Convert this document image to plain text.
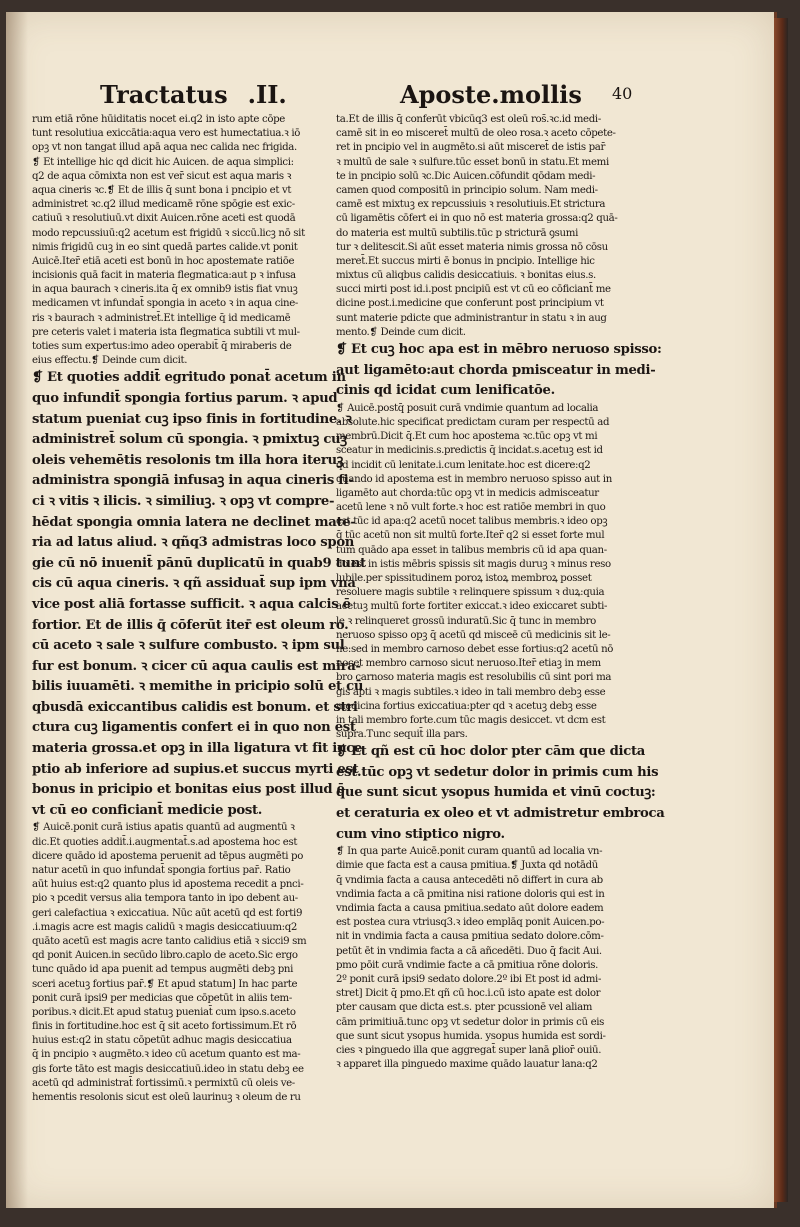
Tractatus .II.	Aposte.mollis 40
rum etiā rōne hūiditatis nocet ei.q2 in isto apte cōpe
tunt resolutiua exiccātia:aqua vero est humectatiua.ꝛ iō
opꝫ vt non tangat illud apā aqua nec calida nec frigida.
❡ Et intellige hic qd dicit hic Auicen. de aqua simplici:
q2 de aqua cōmixta non est ver̄ sicut est aqua maris ꝛ
aqua cineris ꝛc.❡ Et de illis q̄ sunt bona i pncipio et vt
administret ꝛc.q2 illud medicamē rōne spōgie est exic-
catiuū ꝛ resolutiuū.vt dixit Auicen.rōne aceti est quodā
modo repcussiuū:q2 acetum est frigidū ꝛ siccū.licꝫ nō sit
nimis frigidū cuꝫ in eo sint quedā partes calide.vt ponit
Auicē.Iter̄ etiā aceti est bonū in hoc apostemate ratiōe
incisionis quā facit in materia flegmatica:aut p ꝛ infusa
in aqua baurach ꝛ cineris.ita q̄ ex omnib9 istis fiat vnuꝫ
medicamen vt infundat̄ spongia in aceto ꝛ in aqua cine-
ris ꝛ baurach ꝛ administret̄.Et intellige q̄ id medicamē
pre ceteris valet i materia ista flegmatica subtili vt mul-
toties sum expertus:imo adeo operabit̄ q̄ miraberis de
eius effectu.❡ Deinde cum dicit.
❡ Et quoties addit̄ egritudo ponat̄ acetum in
quo infundit̄ spongia fortius parum. ꝛ apud
statum pueniat cuꝫ ipso finis in fortitudine. ꝛ
administret̄ solum cū spongia. ꝛ pmixtuꝫ cuꝫ
oleis vehemētis resolonis tm illa hora iteruꝫ
administra spongiā infusaꝫ in aqua cineris fi-
ci ꝛ vitis ꝛ ilicis. ꝛ similiuꝫ. ꝛ opꝫ vt compre-
hēdat spongia omnia latera ne declinet mate-
ria ad latus aliud. ꝛ qñq3 admistras loco spon
gie cū nō inuenit̄ pānū duplicatū in quab9 tunt
cis cū aqua cineris. ꝛ qñ assiduat̄ sup ipm vna
vice post aliā fortasse sufficit. ꝛ aqua calcis ē
fortior. Et de illis q̄ cōferūt iter̄ est oleum ro.
cū aceto ꝛ sale ꝛ sulfure combusto. ꝛ ipm sul
fur est bonum. ꝛ cicer cū aqua caulis est mira-
bilis iuuamēti. ꝛ memithe in pricipio solū et cū
qbusdā exiccantibus calidis est bonum. et stri
ctura cuꝫ ligamentis confert ei in quo non est
materia grossa.et opꝫ in illa ligatura vt fit ince
ptio ab inferiore ad supius.et succus myrti est
bonus in pricipio et bonitas eius post illud ē
vt cū eo conficiant̄ medicie post.
❡ Auicē.ponit curā istius apatis quantū ad augmentū ꝛ
dic.Et quoties addit̄.i.augmentat̄.s.ad apostema hoc est
dicere quādo id apostema peruenit ad tēpus augmēti po
natur acetū in quo infundat̄ spongia fortius par̄. Ratio
aūt huius est:q2 quanto plus id apostema recedit a pnci-
pio ꝛ pcedit versus alia tempora tanto in ipo debent au-
geri calefactiua ꝛ exiccatiua. Nūc aūt acetū qd est forti9
.i.magis acre est magis calidū ꝛ magis desiccatiuum:q2
quāto acetū est magis acre tanto calidius etiā ꝛ sicci9 sm
qd ponit Auicen.in secūdo libro.caplo de aceto.Sic ergo
tunc quādo id apa puenit ad tempus augmēti debꝫ pni
sceri acetuꝫ fortius par̄.❡ Et apud statum] In hac parte
ponit curā ipsi9 per medicias que cōpetūt in aliis tem-
poribus.ꝛ dicit.Et apud statuꝫ pueniat̄ cum ipso.s.aceto
finis in fortitudine.hoc est q̄ sit aceto fortissimum.Et rō
huius est:q2 in statu cōpetūt adhuc magis desiccatiua
q̄ in pncipio ꝛ augmēto.ꝛ ideo cū acetum quanto est ma-
gis forte tāto est magis desiccatiuū.ideo in statu debꝫ ee
acetū qd administrat̄ fortissimū.ꝛ permixtū cū oleis ve-
hementis resolonis sicut est oleū laurinuꝫ ꝛ oleum de ru
ta.Et de illis q̄ conferūt vbicūq3 est oleū ros̄.ꝛc.id medi-
camē sit in eo misceret̄ multū de oleo rosa.ꝛ aceto cōpete-
ret in pncipio vel in augmēto.si aūt misceret̄ de istis par̄
ꝛ multū de sale ꝛ sulfure.tūc esset bonū in statu.Et memi
te in pncipio solū ꝛc.Dic Auicen.cōfundit qōdam medi-
camen quod compositū in principio solum. Nam medi-
camē est mixtuꝫ ex repcussiuis ꝛ resolutiuis.Et strictura
cū ligamētis cōfert ei in quo nō est materia grossa:q2 quā-
do materia est multū subtilis.tūc p stricturā ꝯsumi
tur ꝛ delitescit.Si aūt esset materia nimis grossa nō cōsu
meret̄.Et succus mirti ē bonus in pncipio. Intellige hic
mixtus cū aliqbus calidis desiccatiuis. ꝛ bonitas eius.s.
succi mirti post id.i.post pncipiū est vt cū eo cōficiant̄ me
dicine post.i.medicine que conferunt post principium vt
sunt materie pdicte que administrantur in statu ꝛ in aug
mento.❡ Deinde cum dicit.
❡ Et cuꝫ hoc apa est in mēbro neruoso spisso:
aut ligamēto:aut chorda pmisceatur in medi-
cinis qd icidat cum lenificatōe.
❡ Auicē.postq̄ posuit curā vndimie quantum ad localia
absolute.hic specificat predictam curam per respectū ad
membrū.Dicit q̄.Et cum hoc apostema ꝛc.tūc opꝫ vt mi
sceatur in medicinis.s.predictis q̄ incidat.s.acetuꝫ est id
qd incidit cū lenitate.i.cum lenitate.hoc est dicere:q2
quando id apostema est in membro neruoso spisso aut in
ligamēto aut chorda:tūc opꝫ vt in medicis admisceatur
acetū lene ꝛ nō vult forte.ꝛ hoc est ratiōe membri in quo
est tūc id apa:q2 acetū nocet talibus membris.ꝛ ideo opꝫ
q̄ tūc acetū non sit multū forte.Iter̄ q2 si esset forte mul
tum quādo apa esset in talibus membris cū id apa quan-
do est in istis mēbris spissis sit magis duruꝫ ꝛ minus reso
lubile.per spissitudinem poroꝝ istoꝝ membroꝝ posset
resoluere magis subtile ꝛ relinquere spissum ꝛ duꝝ:quia
acetuꝫ multū forte fortiter exiccat.ꝛ ideo exiccaret subti-
le ꝛ relinqueret grossū induratū.Sic q̄ tunc in membro
neruoso spisso opꝫ q̄ acetū qd misceē cū medicinis sit le-
ne:sed in membro carnoso debet esse fortius:q2 acetū nō
nocet membro carnoso sicut neruoso.Iter̄ etiaꝫ in mem
bro carnoso materia magis est resolubilis cū sint pori ma
gis apti ꝛ magis subtiles.ꝛ ideo in tali membro debꝫ esse
medicina fortius exiccatiua:pter qd ꝛ acetuꝫ debꝫ esse
in tali membro forte.cum tūc magis desiccet. vt dcm est
supra.Tunc sequit̄ illa pars.
❡ Et qñ est cū hoc dolor pter cām que dicta
est.tūc opꝫ vt sedetur dolor in primis cum his
que sunt sicut ysopus humida et vinū coctuꝫ:
et ceraturia ex oleo et vt admistretur embroca
cum vino stiptico nigro.
❡ In qua parte Auicē.ponit curam quantū ad localia vn-
dimie que facta est a causa pmitiua.❡ Juxta qd notādū
q̄ vndimia facta a causa antecedēti nō differt in cura ab
vndimia facta a cā pmitina nisi ratione doloris qui est in
vndimia facta a causa pmitiua.sedato aūt dolore eadem
est postea cura vtriusq3.ꝛ ideo emplāq ponit Auicen.po-
nit in vndimia facta a causa pmitiua sedato dolore.cōm-
petūt ēt in vndimia facta a cā añcedēti. Duo q̄ facit Aui.
pmo pōit curā vndimie facte a cā pmitiua rōne doloris.
2º ponit curā ipsi9 sedato dolore.2º ibi Et post id admi-
stret] Dicit q̄ pmo.Et qñ cū hoc.i.cū isto apate est dolor
pter causam que dicta est.s. pter pcussionē vel aliam
cām primitiuā.tunc opꝫ vt sedetur dolor in primis cū eis
que sunt sicut ysopus humida. ysopus humida est sordi-
cies ꝛ pinguedo illa que aggregat̄ super lanā ꝑlior̄ ouiū.
ꝛ apparet illa pinguedo maxime quādo lauatur lana:q2
